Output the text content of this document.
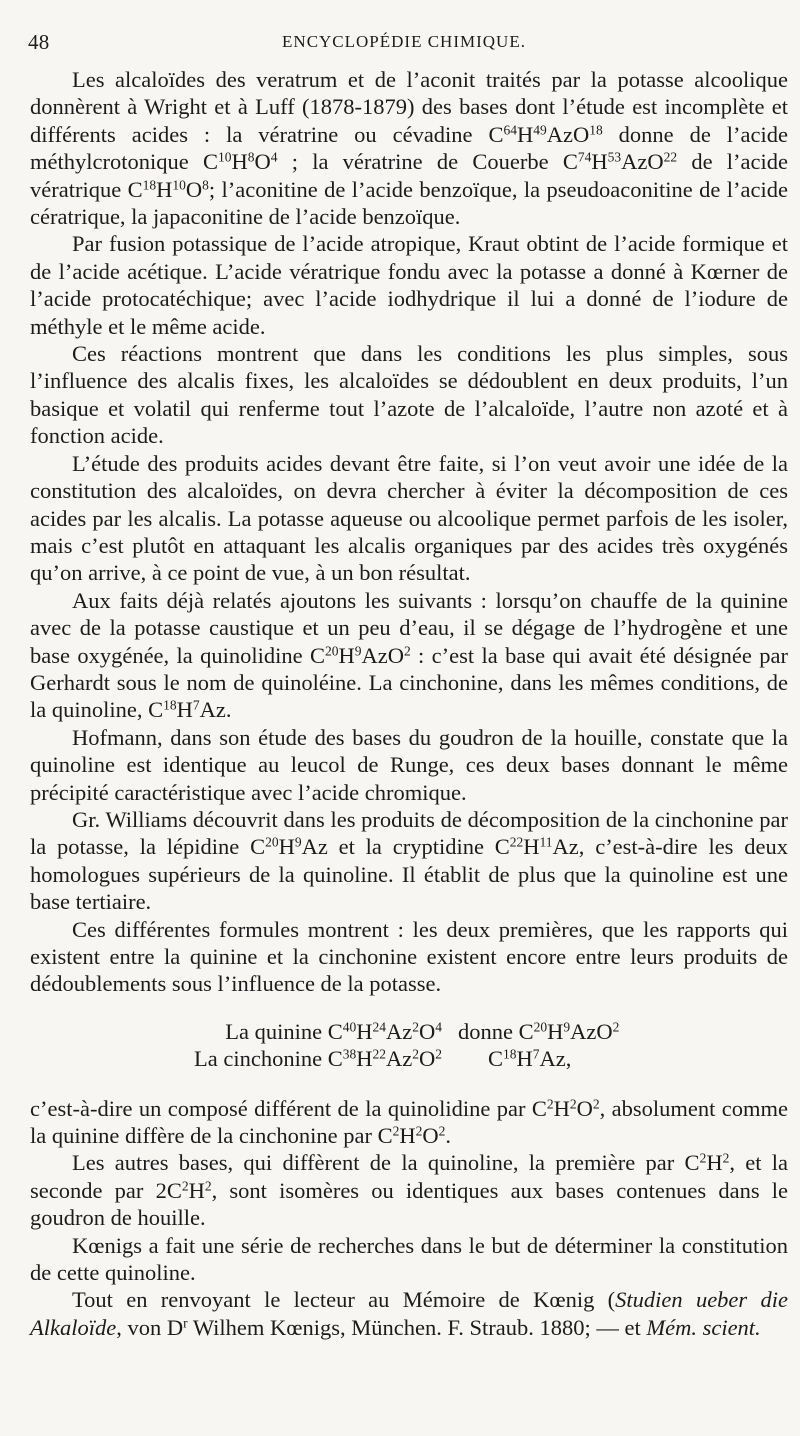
48	ENCYCLOPÉDIE CHIMIQUE.

Les alcaloïdes des veratrum et de l’aconit traités par la potasse alcoolique donnèrent à Wright et à Luff (1878-1879) des bases dont l’étude est incomplète et différents acides : la vératrine ou cévadine $C^{64}H^{49}AzO^{18}$ donne de l’acide méthylcrotonique $C^{10}H^8O^4$ ; la vératrine de Couerbe $C^{74}H^{53}AzO^{22}$ de l’acide vératrique $C^{18}H^{10}O^8$; l’aconitine de l’acide benzoïque, la pseudoaconitine de l’acide cératrique, la japaconitine de l’acide benzoïque.

Par fusion potassique de l’acide atropique, Kraut obtint de l’acide formique et de l’acide acétique. L’acide vératrique fondu avec la potasse a donné à Kœrner de l’acide protocatéchique; avec l’acide iodhydrique il lui a donné de l’iodure de méthyle et le même acide.

Ces réactions montrent que dans les conditions les plus simples, sous l’influence des alcalis fixes, les alcaloïdes se dédoublent en deux produits, l’un basique et volatil qui renferme tout l’azote de l’alcaloïde, l’autre non azoté et à fonction acide.

L’étude des produits acides devant être faite, si l’on veut avoir une idée de la constitution des alcaloïdes, on devra chercher à éviter la décomposition de ces acides par les alcalis. La potasse aqueuse ou alcoolique permet parfois de les isoler, mais c’est plutôt en attaquant les alcalis organiques par des acides très oxygénés qu’on arrive, à ce point de vue, à un bon résultat.

Aux faits déjà relatés ajoutons les suivants : lorsqu’on chauffe de la quinine avec de la potasse caustique et un peu d’eau, il se dégage de l’hydrogène et une base oxygénée, la quinolidine $C^{20}H^9AzO^2$ : c’est la base qui avait été désignée par Gerhardt sous le nom de quinoléine. La cinchonine, dans les mêmes conditions, de la quinoline, $C^{18}H^7Az$.

Hofmann, dans son étude des bases du goudron de la houille, constate que la quinoline est identique au leucol de Runge, ces deux bases donnant le même précipité caractéristique avec l’acide chromique.

Gr. Williams découvrit dans les produits de décomposition de la cinchonine par la potasse, la lépidine $C^{20}H^9Az$ et la cryptidine $C^{22}H^{11}Az$, c’est-à-dire les deux homologues supérieurs de la quinoline. Il établit de plus que la quinoline est une base tertiaire.

Ces différentes formules montrent : les deux premières, que les rapports qui existent entre la quinine et la cinchonine existent encore entre leurs produits de dédoublements sous l’influence de la potasse.

La quinine $C^{40}H^{24}Az^2O^4$ donne $C^{20}H^9AzO^2$
La cinchonine $C^{38}H^{22}Az^2O^2$	$C^{18}H^7Az$,

c’est-à-dire un composé différent de la quinolidine par $C^2H^2O^2$, absolument comme la quinine diffère de la cinchonine par $C^2H^2O^2$.

Les autres bases, qui diffèrent de la quinoline, la première par $C^2H^2$, et la seconde par $2C^2H^2$, sont isomères ou identiques aux bases contenues dans le goudron de houille.

Kœnigs a fait une série de recherches dans le but de déterminer la constitution de cette quinoline.

Tout en renvoyant le lecteur au Mémoire de Kœnig (Studien ueber die Alkaloïde, von $D^r$ Wilhem Kœnigs, München. F. Straub. 1880; — et Mém. scient.
